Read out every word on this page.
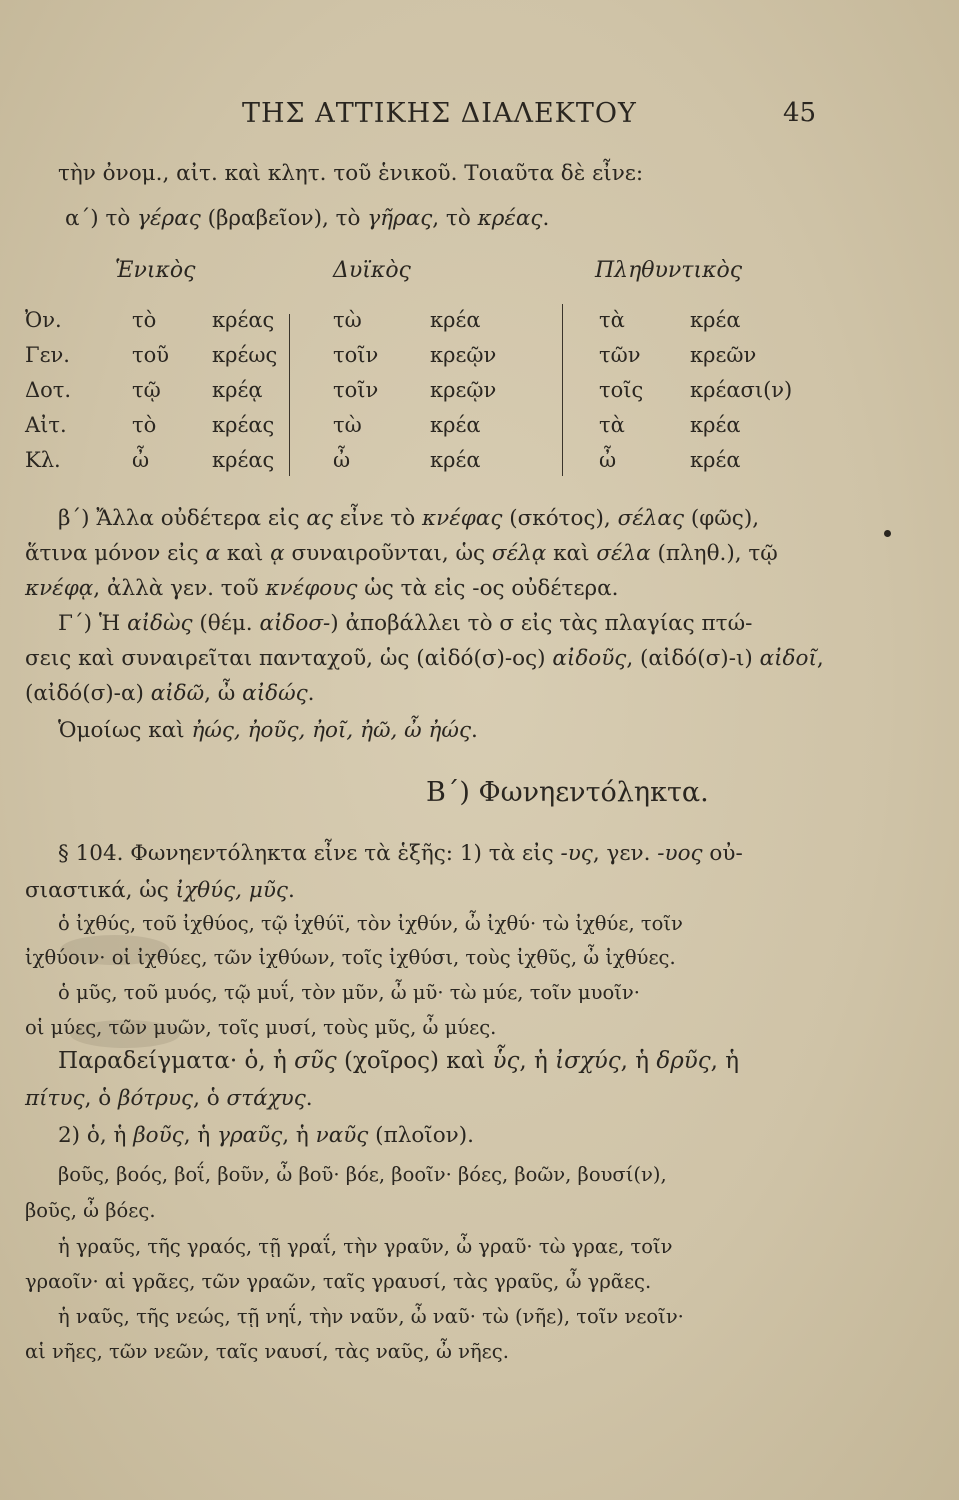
ΤΗΣ ΑΤΤΙΚΗΣ ΔΙΑΛΕΚΤΟΥ	45
τὴν ὀνομ., αἰτ. καὶ κλητ. τοῦ ἑνικοῦ. Τοιαῦτα δὲ εἶνε:
α΄) τὸ γέρας (βραβεῖον), τὸ γῆρας, τὸ κρέας.
Ἑνικὸς	Δυϊκὸς	Πληθυντικὸς
Ὀν.	τὸ	κρέας	τὼ	κρέα	τὰ	κρέα
Γεν.	τοῦ κρέως	τοῖν κρεῷν	τῶν κρεῶν
Δοτ.	τῷ κρέᾳ	τοῖν κρεῷν	τοῖς κρέασι(ν)
Αἰτ.	τὸ	κρέας	τὼ	κρέα	τὰ	κρέα
Κλ.	ὦ	κρέας	ὦ	κρέα	ὦ	κρέα
β΄) Ἄλλα οὐδέτερα εἰς ας εἶνε τὸ κνέφας (σκότος), σέλας (φῶς),
ἅτινα μόνον εἰς α καὶ ᾳ συναιροῦνται, ὡς σέλᾳ καὶ σέλα (πληθ.), τῷ
κνέφᾳ, ἀλλὰ γεν. τοῦ κνέφους ὡς τὰ εἰς -ος οὐδέτερα.
Γ΄) Ἡ αἰδὼς (θέμ. αἰδοσ-) ἀποβάλλει τὸ σ εἰς τὰς πλαγίας πτώ-
σεις καὶ συναιρεῖται πανταχοῦ, ὡς (αἰδό(σ)-ος) αἰδοῦς, (αἰδό(σ)-ι) αἰδοῖ,
(αἰδό(σ)-α) αἰδῶ, ὦ αἰδώς.
Ὁμοίως καὶ ἠώς, ἠοῦς, ἠοῖ, ἠῶ, ὦ ἠώς.
Β΄) Φωνηεντόληκτα.
§ 104. Φωνηεντόληκτα εἶνε τὰ ἑξῆς: 1) τὰ εἰς -υς, γεν. -υος οὐ-
σιαστικά, ὡς ἰχθύς, μῦς.
ὁ ἰχθύς, τοῦ ἰχθύος, τῷ ἰχθύϊ, τὸν ἰχθύν, ὦ ἰχθύ· τὼ ἰχθύε, τοῖν
ἰχθύοιν· οἱ ἰχθύες, τῶν ἰχθύων, τοῖς ἰχθύσι, τοὺς ἰχθῦς, ὦ ἰχθύες.
ὁ μῦς, τοῦ μυός, τῷ μυΐ, τὸν μῦν, ὦ μῦ· τὼ μύε, τοῖν μυοῖν·
οἱ μύες, τῶν μυῶν, τοῖς μυσί, τοὺς μῦς, ὦ μύες.
Παραδείγματα· ὁ, ἡ σῦς (χοῖρος) καὶ ὗς, ἡ ἰσχύς, ἡ δρῦς, ἡ
πίτυς, ὁ βότρυς, ὁ στάχυς.
2) ὁ, ἡ βοῦς, ἡ γραῦς, ἡ ναῦς (πλοῖον).
βοῦς, βοός, βοΐ, βοῦν, ὦ βοῦ· βόε, βοοῖν· βόες, βοῶν, βουσί(ν),
βοῦς, ὦ βόες.
ἡ γραῦς, τῆς γραός, τῇ γραΐ, τὴν γραῦν, ὦ γραῦ· τὼ γραε, τοῖν
γραοῖν· αἱ γρᾶες, τῶν γραῶν, ταῖς γραυσί, τὰς γραῦς, ὦ γρᾶες.
ἡ ναῦς, τῆς νεώς, τῇ νηΐ, τὴν ναῦν, ὦ ναῦ· τὼ (νῆε), τοῖν νεοῖν·
αἱ νῆες, τῶν νεῶν, ταῖς ναυσί, τὰς ναῦς, ὦ νῆες.
